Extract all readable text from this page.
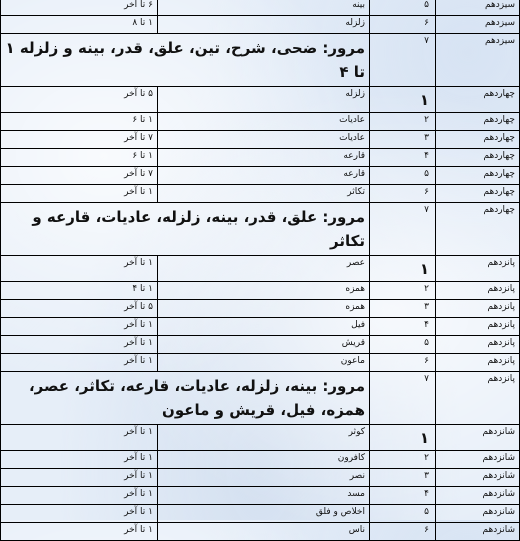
سیزدهم	۵	بینه	۶ تا آخر
سیزدهم	۶	زلزله	۱ تا ۸
سیزدهم	۷	مرور: ضحی، شرح، تین، علق، قدر، بینه و زلزله ۱ تا ۴	
چهاردهم	۱	زلزله	۵ تا آخر
چهاردهم	۲	عادیات	۱ تا ۶
چهاردهم	۳	عادیات	۷ تا آخر
چهاردهم	۴	قارعه	۱ تا ۶
چهاردهم	۵	قارعه	۷ تا آخر
چهاردهم	۶	تکاثر	۱ تا آخر
چهاردهم	۷	مرور: علق، قدر، بینه، زلزله، عادیات، قارعه و تکاثر	
پانزدهم	۱	عصر	۱ تا آخر
پانزدهم	۲	همزه	۱ تا ۴
پانزدهم	۳	همزه	۵ تا آخر
پانزدهم	۴	فیل	۱ تا آخر
پانزدهم	۵	قریش	۱ تا آخر
پانزدهم	۶	ماعون	۱ تا آخر
پانزدهم	۷	مرور: بینه، زلزله، عادیات، قارعه، تکاثر، عصر، همزه، فیل، قریش و ماعون	
شانزدهم	۱	کوثر	۱ تا آخر
شانزدهم	۲	کافرون	۱ تا آخر
شانزدهم	۳	نصر	۱ تا آخر
شانزدهم	۴	مسد	۱ تا آخر
شانزدهم	۵	اخلاص و فلق	۱ تا آخر
شانزدهم	۶	ناس	۱ تا آخر
